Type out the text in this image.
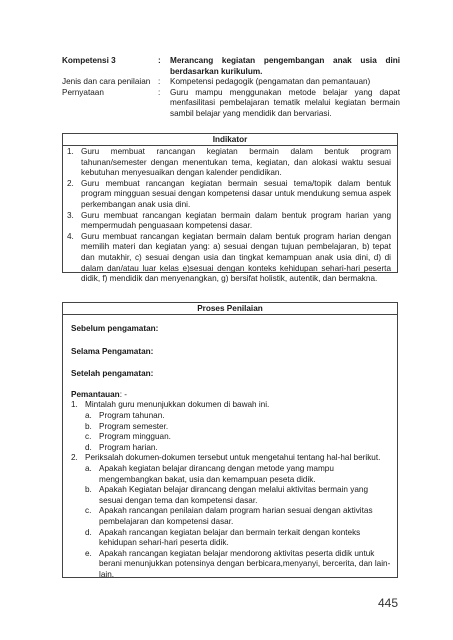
Kompetensi 3	:	Merancang kegiatan pengembangan anak usia dini berdasarkan kurikulum.
Jenis dan cara penilaian :	Kompetensi pedagogik (pengamatan dan pemantauan)
Pernyataan	:	Guru mampu menggunakan metode belajar yang dapat menfasilitasi pembelajaran tematik melalui kegiatan bermain sambil belajar yang mendidik dan bervariasi.
Indikator
1. Guru membuat rancangan kegiatan bermain dalam bentuk program tahunan/semester dengan menentukan tema, kegiatan, dan alokasi waktu sesuai kebutuhan menyesuaikan dengan kalender pendidikan.
2. Guru membuat rancangan kegiatan bermain sesuai tema/topik dalam bentuk program mingguan sesuai dengan kompetensi dasar untuk mendukung semua aspek perkembangan anak usia dini.
3. Guru membuat rancangan kegiatan bermain dalam bentuk program harian yang mempermudah penguasaan kompetensi dasar.
4. Guru membuat rancangan kegiatan bermain dalam bentuk program harian dengan memilih materi dan kegiatan yang: a) sesuai dengan tujuan pembelajaran, b) tepat dan mutakhir, c) sesuai dengan usia dan tingkat kemampuan anak usia dini, d) di dalam dan/atau luar kelas e)sesuai dengan konteks kehidupan sehari-hari peserta didik, f) mendidik dan menyenangkan, g) bersifat holistik, autentik, dan bermakna.
Proses Penilaian
Sebelum pengamatan:
Selama Pengamatan:
Setelah pengamatan:
Pemantauan: -
1. Mintalah guru menunjukkan dokumen di bawah ini.
a. Program tahunan.
b. Program semester.
c. Program mingguan.
d. Program harian.
2. Periksalah dokumen-dokumen tersebut untuk mengetahui tentang hal-hal berikut.
a. Apakah kegiatan belajar dirancang dengan metode yang mampu mengembangkan bakat, usia dan kemampuan peseta didik.
b. Apakah Kegiatan belajar dirancang dengan melalui aktivitas bermain yang sesuai dengan tema dan kompetensi dasar.
c. Apakah rancangan penilaian dalam program harian sesuai dengan aktivitas pembelajaran dan kompetensi dasar.
d. Apakah rancangan kegiatan belajar dan bermain terkait dengan konteks kehidupan sehari-hari peserta didik.
e. Apakah rancangan kegiatan belajar mendorong aktivitas peserta didik untuk berani menunjukkan potensinya dengan berbicara,menyanyi, bercerita, dan lain-lain.
445
